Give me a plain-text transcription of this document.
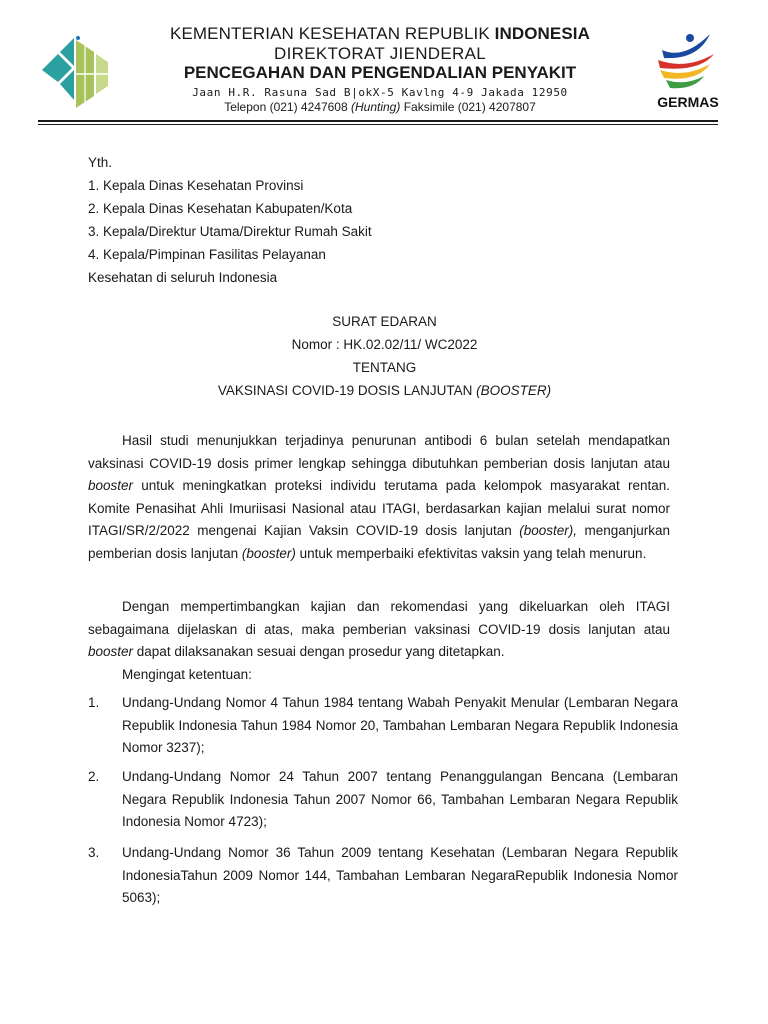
KEMENTERIAN KESEHATAN REPUBLIK INDONESIA
DIREKTORAT JIENDERAL
PENCEGAHAN DAN PENGENDALIAN PENYAKIT
Jaan H.R. Rasuna Sad B|okX-5 Kavlng 4-9 Jakada 12950
Telepon (021) 4247608 (Hunting) Faksimile (021) 4207807	GERMAS
Yth.
1. Kepala Dinas Kesehatan Provinsi
2. Kepala Dinas Kesehatan Kabupaten/Kota
3. Kepala/Direktur Utama/Direktur Rumah Sakit
4. Kepala/Pimpinan Fasilitas Pelayanan
Kesehatan di seluruh Indonesia
SURAT EDARAN
Nomor : HK.02.02/11/ WC2022
TENTANG
VAKSINASI COVID-19 DOSIS LANJUTAN (BOOSTER)
Hasil studi menunjukkan terjadinya penurunan antibodi 6 bulan setelah mendapatkan vaksinasi COVID-19 dosis primer lengkap sehingga dibutuhkan pemberian dosis lanjutan atau booster untuk meningkatkan proteksi individu terutama pada kelompok masyarakat rentan. Komite Penasihat Ahli Imuriisasi Nasional atau ITAGI, berdasarkan kajian melalui surat nomor ITAGI/SR/2/2022 mengenai Kajian Vaksin COVID-19 dosis lanjutan (booster), menganjurkan pemberian dosis lanjutan (booster) untuk memperbaiki efektivitas vaksin yang telah menurun.
Dengan mempertimbangkan kajian dan rekomendasi yang dikeluarkan oleh ITAGI sebagaimana dijelaskan di atas, maka pemberian vaksinasi COVID-19 dosis lanjutan atau booster dapat dilaksanakan sesuai dengan prosedur yang ditetapkan.
Mengingat ketentuan:
1.	Undang-Undang Nomor 4 Tahun 1984 tentang Wabah Penyakit Menular (Lembaran Negara Republik Indonesia Tahun 1984 Nomor 20, Tambahan Lembaran Negara Republik Indonesia Nomor 3237);
2.	Undang-Undang Nomor 24 Tahun 2007 tentang Penanggulangan Bencana (Lembaran Negara Republik Indonesia Tahun 2007 Nomor 66, Tambahan Lembaran Negara Republik Indonesia Nomor 4723);
3.	Undang-Undang Nomor 36 Tahun 2009 tentang Kesehatan (Lembaran Negara Republik IndonesiaTahun 2009 Nomor 144, Tambahan Lembaran NegaraRepublik Indonesia Nomor 5063);
